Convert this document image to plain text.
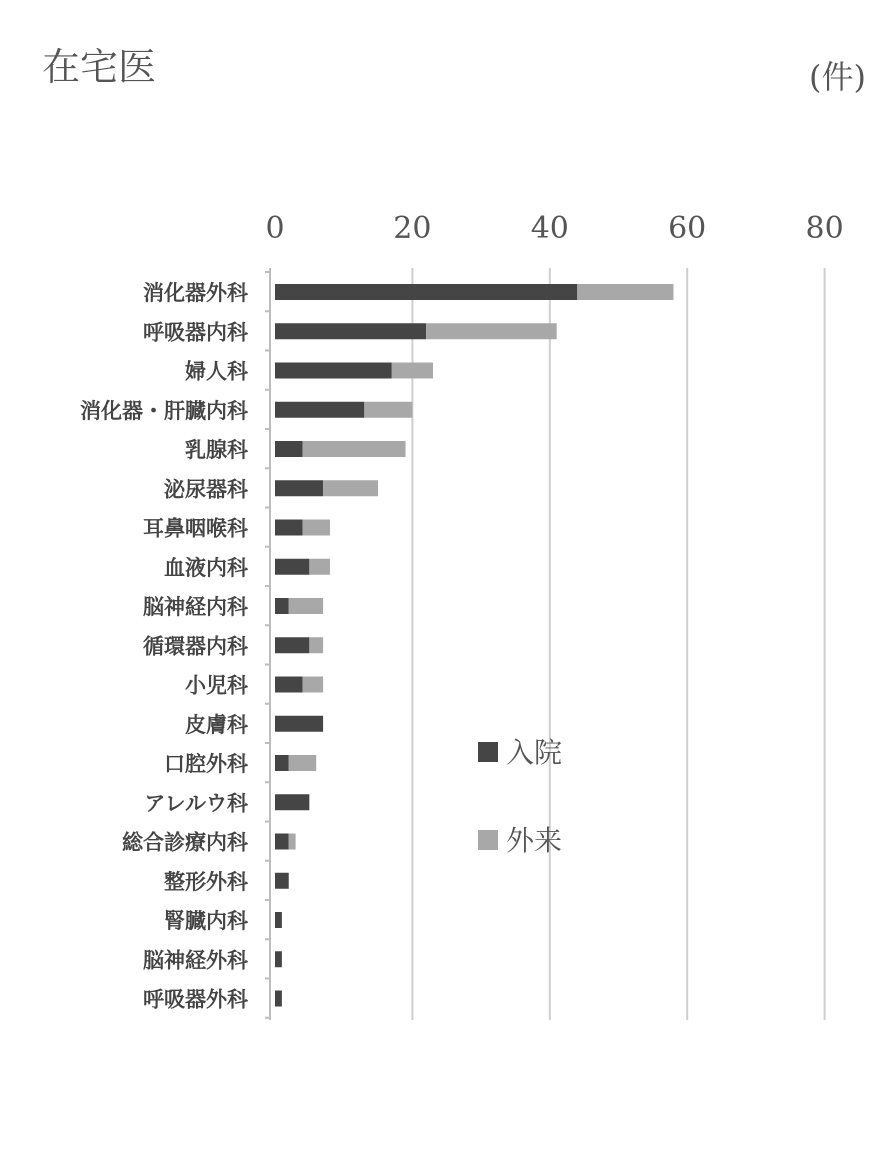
在宅医	(件)
0	20	40	60	80
消化器外科
呼吸器内科
婦人科
消化器・肝臓内科
乳腺科
泌尿器科
耳鼻咽喉科
血液内科
脳神経内科
循環器内科
小児科
皮膚科
口腔外科
アレルウ科
総合診療内科
整形外科
腎臓内科
脳神経外科
呼吸器外科
入院
外来
